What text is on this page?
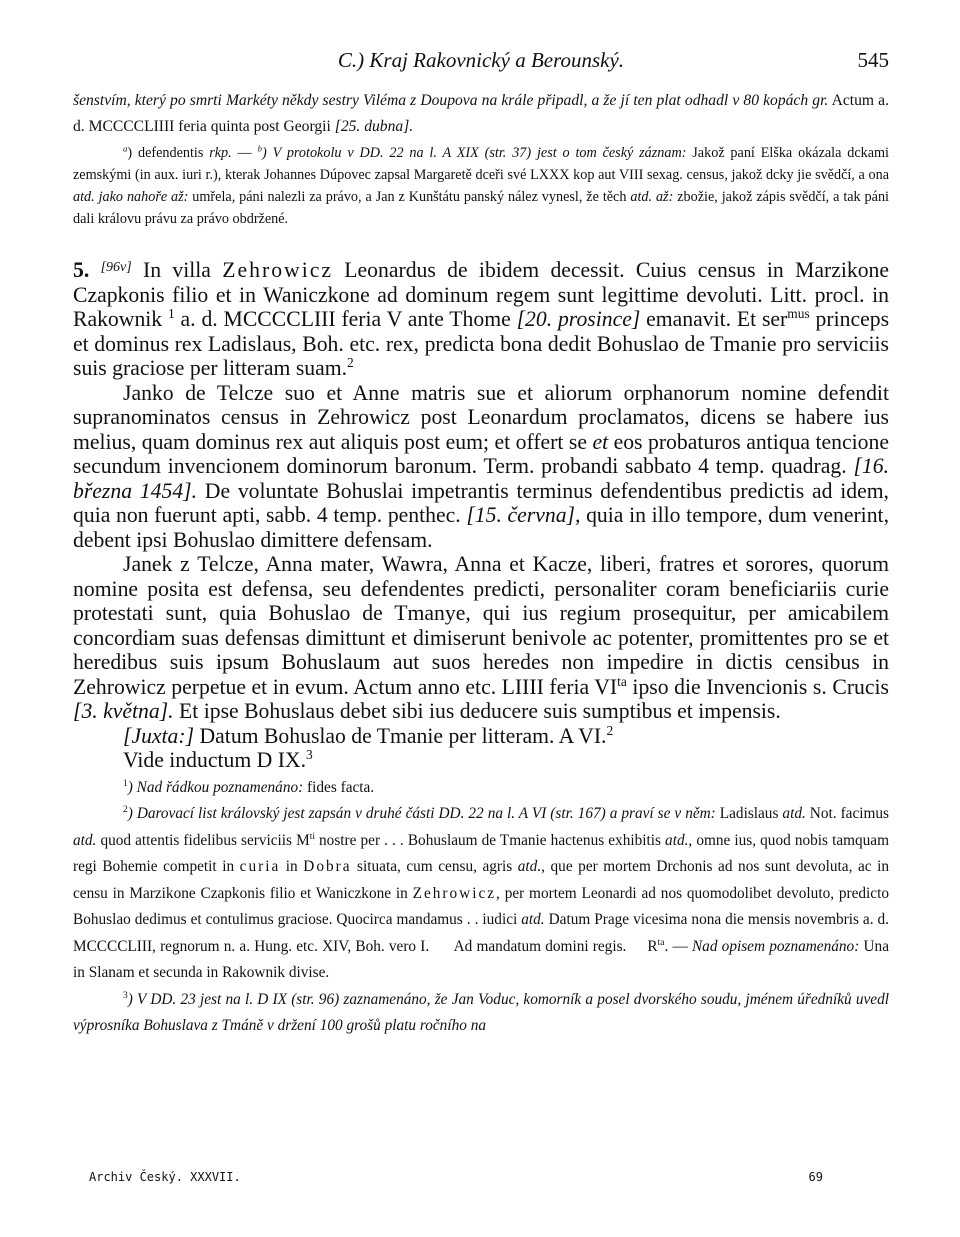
C.) Kraj Rakovnický a Berounský.	545

šenstvím, který po smrti Markéty někdy sestry Viléma z Doupova na krále připadl, a že jí ten plat odhadl v 80 kopách gr. Actum a. d. MCCCCLIIII feria quinta post Georgii [25. dubna].

$^a$) defendentis rkp. — $^b$) V protokolu v DD. 22 na l. A XIX (str. 37) jest o tom český záznam: Jakož paní Elška okázala dckami zemskými (in aux. iuri r.), kterak Johannes Dúpovec zapsal Margaretě dceři své LXXX kop aut VIII sexag. census, jakož dcky jie svědčí, a ona atd. jako nahoře až: umřela, páni nalezli za právo, a Jan z Kunštátu panský nález vynesl, že těch atd. až: zbožie, jakož zápis svědčí, a tak páni dali královu právu za právo obdržené.

5. [96v] In villa Zehrowicz Leonardus de ibidem decessit. Cuius census in Marzikone Czapkonis filio et in Waniczkone ad dominum regem sunt legittime devoluti. Litt. procl. in Rakownik $^1$ a. d. MCCCCLIII feria V ante Thome [20. prosince] emanavit. Et ser$^{mus}$ princeps et dominus rex Ladislaus, Boh. etc. rex, predicta bona dedit Bohuslao de Tmanie pro serviciis suis graciose per litteram suam.$^2$

Janko de Telcze suo et Anne matris sue et aliorum orphanorum nomine defendit supranominatos census in Zehrowicz post Leonardum proclamatos, dicens se habere ius melius, quam dominus rex aut aliquis post eum; et offert se et eos probaturos antiqua tencione secundum invencionem dominorum baronum. Term. probandi sabbato 4 temp. quadrag. [16. března 1454]. De voluntate Bohuslai impetrantis terminus defendentibus predictis ad idem, quia non fuerunt apti, sabb. 4 temp. penthec. [15. června], quia in illo tempore, dum venerint, debent ipsi Bohuslao dimittere defensam.

Janek z Telcze, Anna mater, Wawra, Anna et Kacze, liberi, fratres et sorores, quorum nomine posita est defensa, seu defendentes predicti, personaliter coram beneficiariis curie protestati sunt, quia Bohuslao de Tmanye, qui ius regium prosequitur, per amicabilem concordiam suas defensas dimittunt et dimiserunt benivole ac potenter, promittentes pro se et heredibus suis ipsum Bohuslaum aut suos heredes non impedire in dictis censibus in Zehrowicz perpetue et in evum. Actum anno etc. LIIII feria $VI^{ta}$ ipso die Invencionis s. Crucis [3. května]. Et ipse Bohuslaus debet sibi ius deducere suis sumptibus et impensis.

[Juxta:] Datum Bohuslao de Tmanie per litteram. A VI.$^2$

Vide inductum D IX.$^3$

$^1$) Nad řádkou poznamenáno: fides facta.

$^2$) Darovací list královský jest zapsán v druhé části DD. 22 na l. A VI (str. 167) a praví se v něm: Ladislaus atd. Not. facimus atd. quod attentis fidelibus serviciis $M^{ti}$ nostre per . . . Bohuslaum de Tmanie hactenus exhibitis atd., omne ius, quod nobis tamquam regi Bohemie competit in curia in Dobra situata, cum censu, agris atd., que per mortem Drchonis ad nos sunt devoluta, ac in censu in Marzikone Czapkonis filio et Waniczkone in Zehrowicz, per mortem Leonardi ad nos quomodolibet devoluto, predicto Bohuslao dedimus et contulimus graciose. Quocirca mandamus . . iudici atd. Datum Prage vicesima nona die mensis novembris a. d. MCCCCLIII, regnorum n. a. Hung. etc. XIV, Boh. vero I.      Ad mandatum domini regis.     $R^{ta}$. — Nad opisem poznamenáno: Una in Slanam et secunda in Rakownik divise.

$^3$) V DD. 23 jest na l. D IX (str. 96) zaznamenáno, že Jan Voduc, komorník a posel dvorského soudu, jménem úředníků uvedl výprosníka Bohuslava z Tmáně v držení 100 grošů platu ročního na

Archiv Český. XXXVII.	69
